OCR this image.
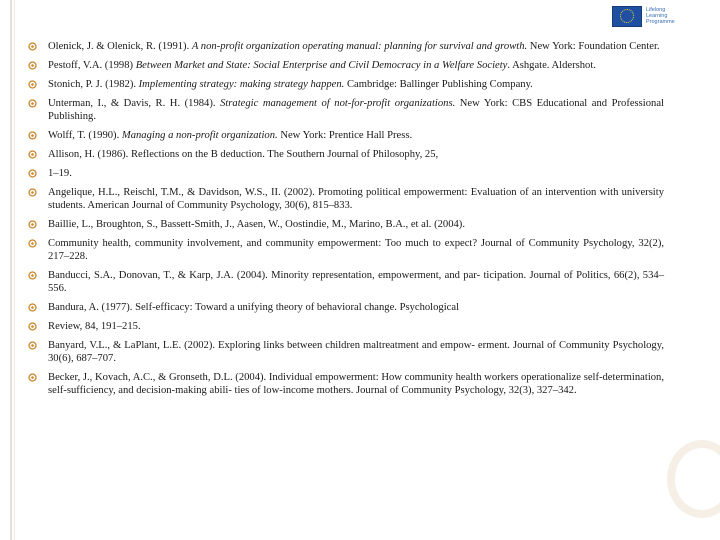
Lifelong
Learning
Programme
Olenick, J. & Olenick, R. (1991). A non-profit organization operating manual: planning for survival and growth. New York: Foundation Center.
Pestoff, V.A. (1998) Between Market and State: Social Enterprise and Civil Democracy in a Welfare Society. Ashgate. Aldershot.
Stonich, P. J. (1982). Implementing strategy: making strategy happen. Cambridge: Ballinger Publishing Company.
Unterman, I., & Davis, R. H. (1984). Strategic management of not-for-profit organizations. New York: CBS Educational and Professional Publishing.
Wolff, T. (1990). Managing a non-profit organization. New York: Prentice Hall Press.
Allison, H. (1986). Reflections on the B deduction. The Southern Journal of Philosophy, 25,
1–19.
Angelique, H.L., Reischl, T.M., & Davidson, W.S., II. (2002). Promoting political empowerment: Evaluation of an intervention with university students. American Journal of Community Psychology, 30(6), 815–833.
Baillie, L., Broughton, S., Bassett-Smith, J., Aasen, W., Oostindie, M., Marino, B.A., et al. (2004).
Community health, community involvement, and community empowerment: Too much to expect? Journal of Community Psychology, 32(2), 217–228.
Banducci, S.A., Donovan, T., & Karp, J.A. (2004). Minority representation, empowerment, and par- ticipation. Journal of Politics, 66(2), 534–556.
Bandura, A. (1977). Self-efficacy: Toward a unifying theory of behavioral change. Psychological
Review, 84, 191–215.
Banyard, V.L., & LaPlant, L.E. (2002). Exploring links between children maltreatment and empow- erment. Journal of Community Psychology, 30(6), 687–707.
Becker, J., Kovach, A.C., & Gronseth, D.L. (2004). Individual empowerment: How community health workers operationalize self-determination, self-sufficiency, and decision-making abili- ties of low-income mothers. Journal of Community Psychology, 32(3), 327–342.
